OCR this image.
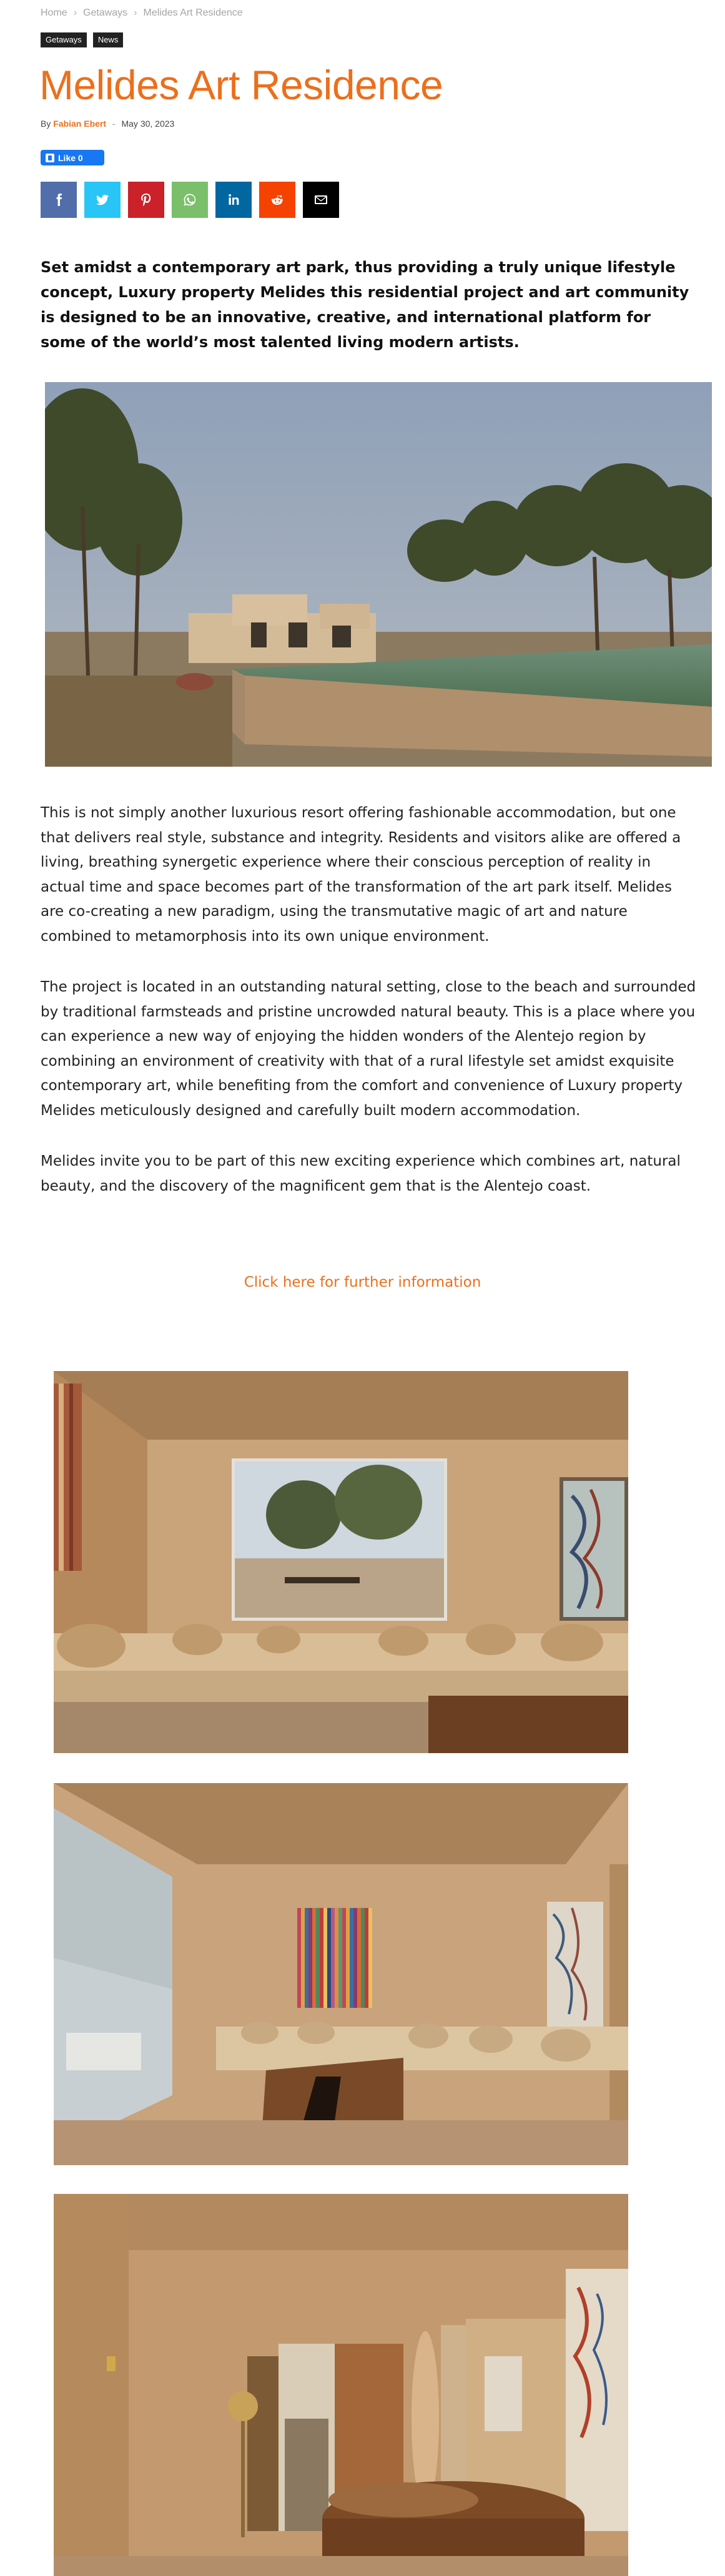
Home › Getaways › Melides Art Residence
Getaways	News
Melides Art Residence
By Fabian Ebert - May 30, 2023
Like 0

Set amidst a contemporary art park, thus providing a truly unique lifestyle concept, Luxury property Melides this residential project and art community is designed to be an innovative, creative, and international platform for some of the world’s most talented living modern artists.

This is not simply another luxurious resort offering fashionable accommodation, but one that delivers real style, substance and integrity. Residents and visitors alike are offered a living, breathing synergetic experience where their conscious perception of reality in actual time and space becomes part of the transformation of the art park itself. Melides are co-creating a new paradigm, using the transmutative magic of art and nature combined to metamorphosis into its own unique environment.

The project is located in an outstanding natural setting, close to the beach and surrounded by traditional farmsteads and pristine uncrowded natural beauty. This is a place where you can experience a new way of enjoying the hidden wonders of the Alentejo region by combining an environment of creativity with that of a rural lifestyle set amidst exquisite contemporary art, while benefiting from the comfort and convenience of Luxury property Melides meticulously designed and carefully built modern accommodation.

Melides invite you to be part of this new exciting experience which combines art, natural beauty, and the discovery of the magnificent gem that is the Alentejo coast.

Click here for further information
